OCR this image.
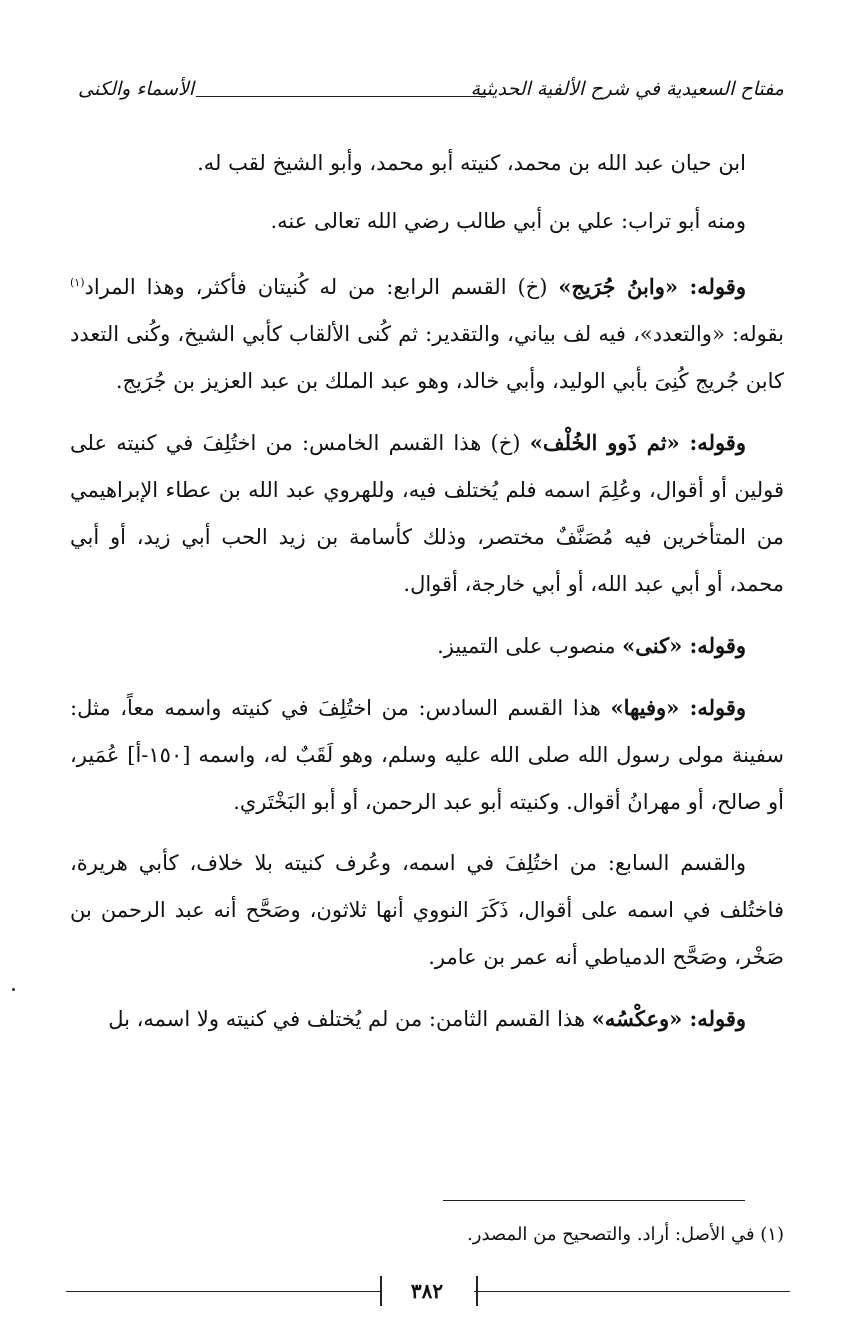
مفتاح السعيدية في شرح الألفية الحديثية
الأسماء والكنى

ابن حيان عبد الله بن محمد، كنيته أبو محمد، وأبو الشيخ لقب له.

ومنه أبو تراب: علي بن أبي طالب رضي الله تعالى عنه.

وقوله: «وابنُ جُرَيج» (خ) القسم الرابع: من له كُنيتان فأكثر، وهذا المراد$^{(١)}$ بقوله: «والتعدد»، فيه لف بياني، والتقدير: ثم كُنى الألقاب كأبي الشيخ، وكُنى التعدد كابن جُريج كُنِىَ بأبي الوليد، وأبي خالد، وهو عبد الملك بن عبد العزيز بن جُرَيج.

وقوله: «ثم ذَوو الخُلْف» (خ) هذا القسم الخامس: من اختُلِفَ في كنيته على قولين أو أقوال، وعُلِمَ اسمه فلم يُختلف فيه، وللهروي عبد الله بن عطاء الإبراهيمي من المتأخرين فيه مُصَنَّفٌ مختصر، وذلك كأسامة بن زيد الحب أبي زيد، أو أبي محمد، أو أبي عبد الله، أو أبي خارجة، أقوال.

وقوله: «كنى» منصوب على التمييز.

وقوله: «وفيها» هذا القسم السادس: من اختُلِفَ في كنيته واسمه معاً، مثل: سفينة مولى رسول الله صلى الله عليه وسلم، وهو لَقَبٌ له، واسمه [١٥٠-أ] عُمَير، أو صالح، أو مهرانُ أقوال. وكنيته أبو عبد الرحمن، أو أبو البَخْتَري.

والقسم السابع: من اختُلِفَ في اسمه، وعُرف كنيته بلا خلاف، كأبي هريرة، فاختُلف في اسمه على أقوال، ذَكَرَ النووي أنها ثلاثون، وصَحَّح أنه عبد الرحمن بن صَخْر، وصَحَّح الدمياطي أنه عمر بن عامر.

وقوله: «وعكْسُه» هذا القسم الثامن: من لم يُختلف في كنيته ولا اسمه، بل

(١) في الأصل: أراد. والتصحيح من المصدر.
٣٨٢
